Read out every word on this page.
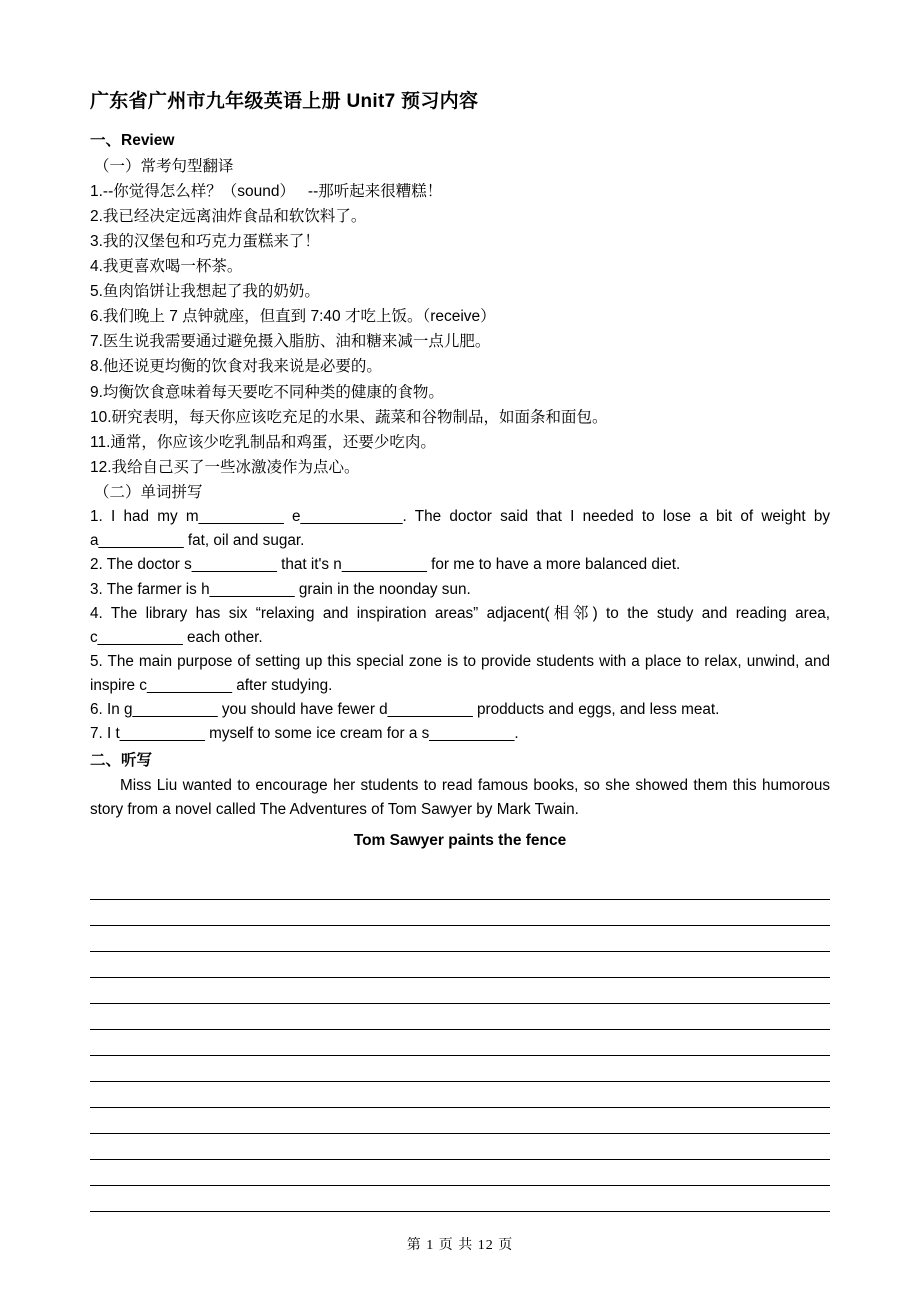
广东省广州市九年级英语上册 Unit7 预习内容
一、Review
（一）常考句型翻译

1.--你觉得怎么样？（sound）   --那听起来很糟糕！

2.我已经决定远离油炸食品和软饮料了。

3.我的汉堡包和巧克力蛋糕来了！

4.我更喜欢喝一杯茶。

5.鱼肉馅饼让我想起了我的奶奶。

6.我们晚上 7 点钟就座，但直到 7:40 才吃上饭。（receive）

7.医生说我需要通过避免摄入脂肪、油和糖来减一点儿肥。

8.他还说更均衡的饮食对我来说是必要的。

9.均衡饮食意味着每天要吃不同种类的健康的食物。

10.研究表明，每天你应该吃充足的水果、蔬菜和谷物制品，如面条和面包。

11.通常，你应该少吃乳制品和鸡蛋，还要少吃肉。

12.我给自己买了一些冰激凌作为点心。

（二）单词拼写

1. I had my m__________ e____________. The doctor said that I needed to lose a bit of weight by a__________ fat, oil and sugar.

2. The doctor s__________ that it's n__________ for me to have a more balanced diet.

3. The farmer is h__________ grain in the noonday sun.

4. The library has six “relaxing and inspiration areas” adjacent(相邻) to the study and reading area, c__________ each other.

5. The main purpose of setting up this special zone is to provide students with a place to relax, unwind, and inspire c__________ after studying.

6. In g__________ you should have fewer d__________ prodducts and eggs, and less meat.

7. I t__________ myself to some ice cream for a s__________.

二、听写

Miss Liu wanted to encourage her students to read famous books, so she showed them this humorous story from a novel called The Adventures of Tom Sawyer by Mark Twain.

Tom Sawyer paints the fence

第 1 页 共 12 页
